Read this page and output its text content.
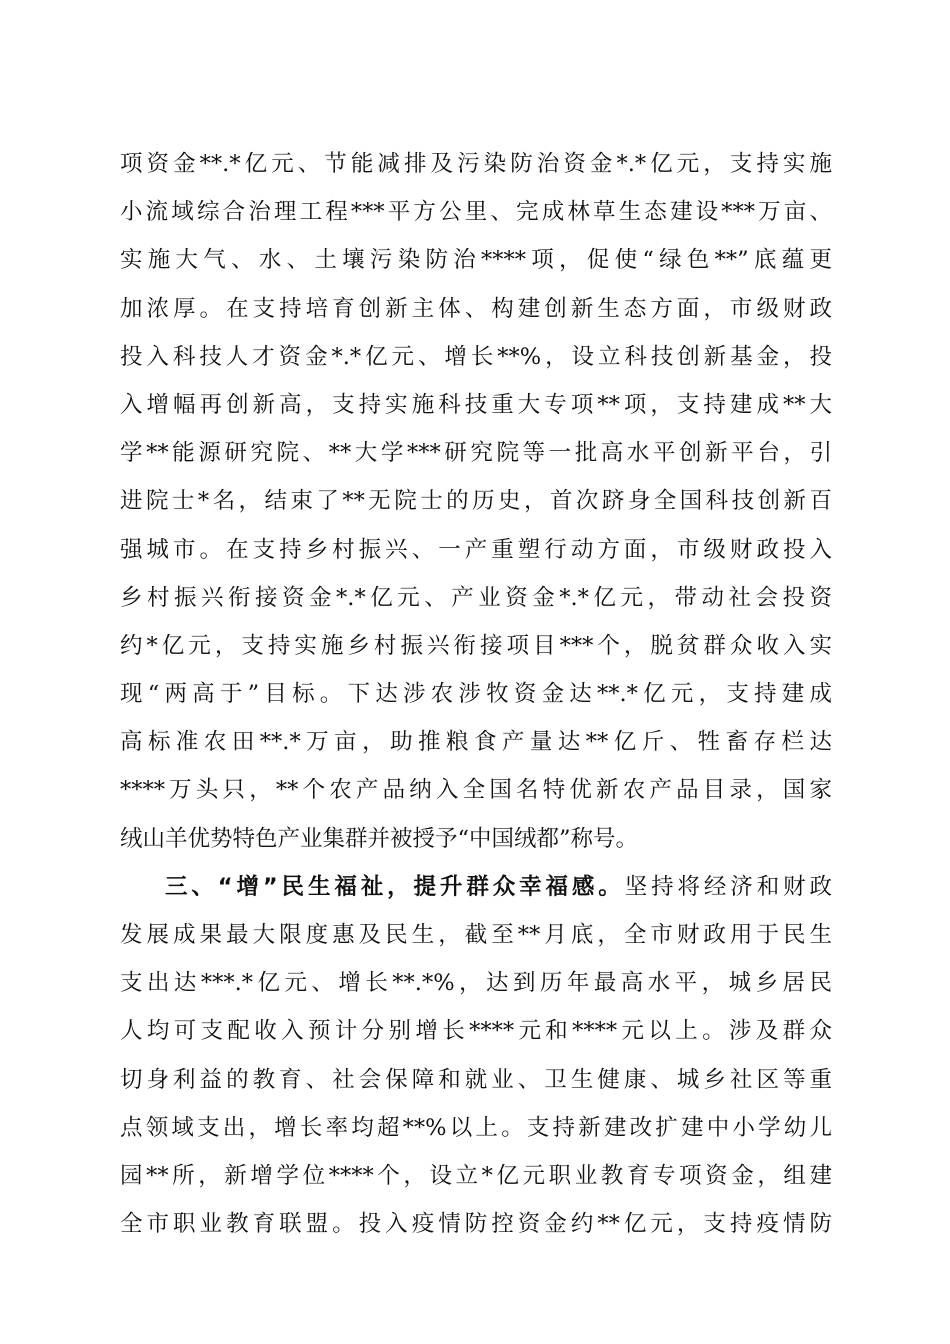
项资金**.*亿元、节能减排及污染防治资金*.*亿元，支持实施
小流域综合治理工程***平方公里、完成林草生态建设***万亩、
实施大气、水、土壤污染防治****项，促使“绿色**”底蕴更
加浓厚。在支持培育创新主体、构建创新生态方面，市级财政
投入科技人才资金*.*亿元、增长**%，设立科技创新基金，投
入增幅再创新高，支持实施科技重大专项**项，支持建成**大
学**能源研究院、**大学***研究院等一批高水平创新平台，引
进院士*名，结束了**无院士的历史，首次跻身全国科技创新百
强城市。在支持乡村振兴、一产重塑行动方面，市级财政投入
乡村振兴衔接资金*.*亿元、产业资金*.*亿元，带动社会投资
约*亿元，支持实施乡村振兴衔接项目***个，脱贫群众收入实
现“两高于”目标。下达涉农涉牧资金达**.*亿元，支持建成
高标准农田**.*万亩，助推粮食产量达**亿斤、牲畜存栏达
****万头只，**个农产品纳入全国名特优新农产品目录，国家
绒山羊优势特色产业集群并被授予“中国绒都”称号。
三、“增”民生福祉，提升群众幸福感。坚持将经济和财政
发展成果最大限度惠及民生，截至**月底，全市财政用于民生
支出达***.*亿元、增长**.*%，达到历年最高水平，城乡居民
人均可支配收入预计分别增长****元和****元以上。涉及群众
切身利益的教育、社会保障和就业、卫生健康、城乡社区等重
点领域支出，增长率均超**%以上。支持新建改扩建中小学幼儿
园**所，新增学位****个，设立*亿元职业教育专项资金，组建
全市职业教育联盟。投入疫情防控资金约**亿元，支持疫情防
